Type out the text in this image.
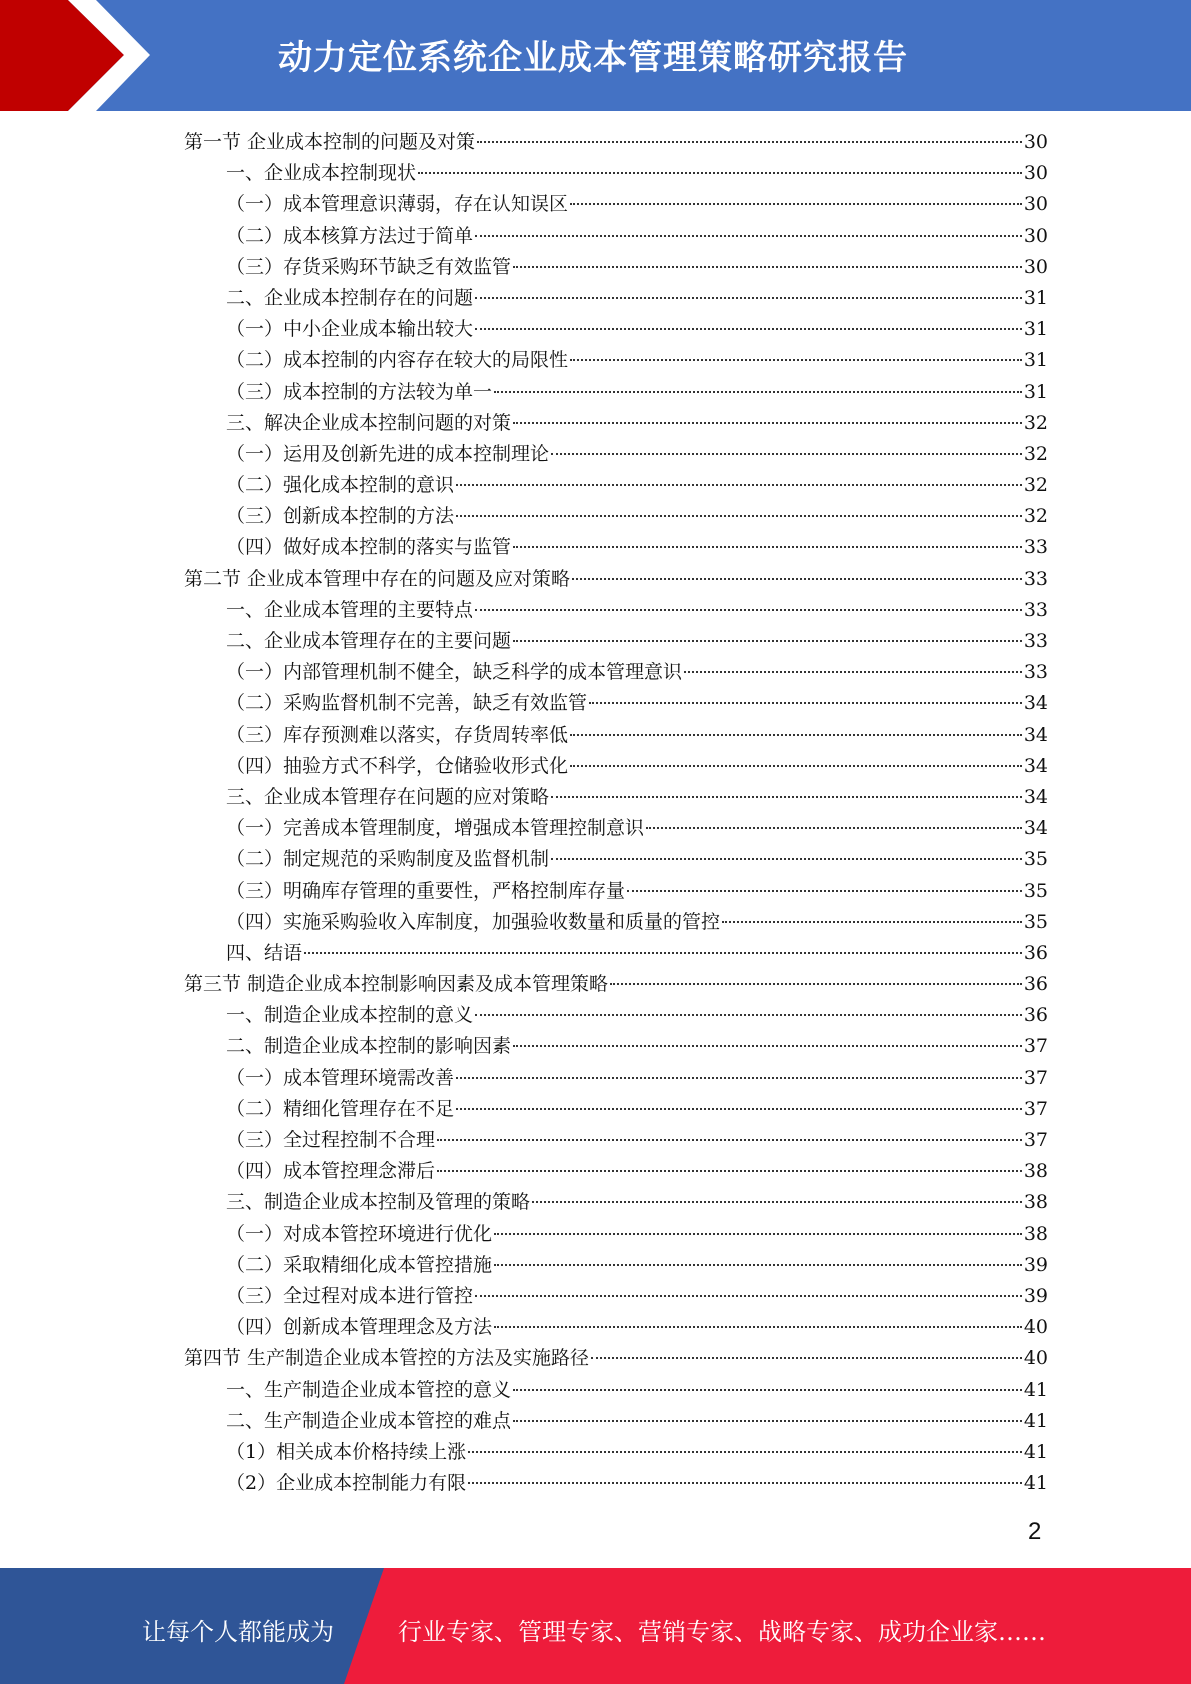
动力定位系统企业成本管理策略研究报告
第一节 企业成本控制的问题及对策	30
一、企业成本控制现状	30
（一）成本管理意识薄弱，存在认知误区	30
（二）成本核算方法过于简单	30
（三）存货采购环节缺乏有效监管	30
二、企业成本控制存在的问题	31
（一）中小企业成本输出较大	31
（二）成本控制的内容存在较大的局限性	31
（三）成本控制的方法较为单一	31
三、解决企业成本控制问题的对策	32
（一）运用及创新先进的成本控制理论	32
（二）强化成本控制的意识	32
（三）创新成本控制的方法	32
（四）做好成本控制的落实与监管	33
第二节 企业成本管理中存在的问题及应对策略	33
一、企业成本管理的主要特点	33
二、企业成本管理存在的主要问题	33
（一）内部管理机制不健全，缺乏科学的成本管理意识	33
（二）采购监督机制不完善，缺乏有效监管	34
（三）库存预测难以落实，存货周转率低	34
（四）抽验方式不科学，仓储验收形式化	34
三、企业成本管理存在问题的应对策略	34
（一）完善成本管理制度，增强成本管理控制意识	34
（二）制定规范的采购制度及监督机制	35
（三）明确库存管理的重要性，严格控制库存量	35
（四）实施采购验收入库制度，加强验收数量和质量的管控	35
四、结语	36
第三节 制造企业成本控制影响因素及成本管理策略	36
一、制造企业成本控制的意义	36
二、制造企业成本控制的影响因素	37
（一）成本管理环境需改善	37
（二）精细化管理存在不足	37
（三）全过程控制不合理	37
（四）成本管控理念滞后	38
三、制造企业成本控制及管理的策略	38
（一）对成本管控环境进行优化	38
（二）采取精细化成本管控措施	39
（三）全过程对成本进行管控	39
（四）创新成本管理理念及方法	40
第四节 生产制造企业成本管控的方法及实施路径	40
一、生产制造企业成本管控的意义	41
二、生产制造企业成本管控的难点	41
（1）相关成本价格持续上涨	41
（2）企业成本控制能力有限	41
2
让每个人都能成为	行业专家、管理专家、营销专家、战略专家、成功企业家……
